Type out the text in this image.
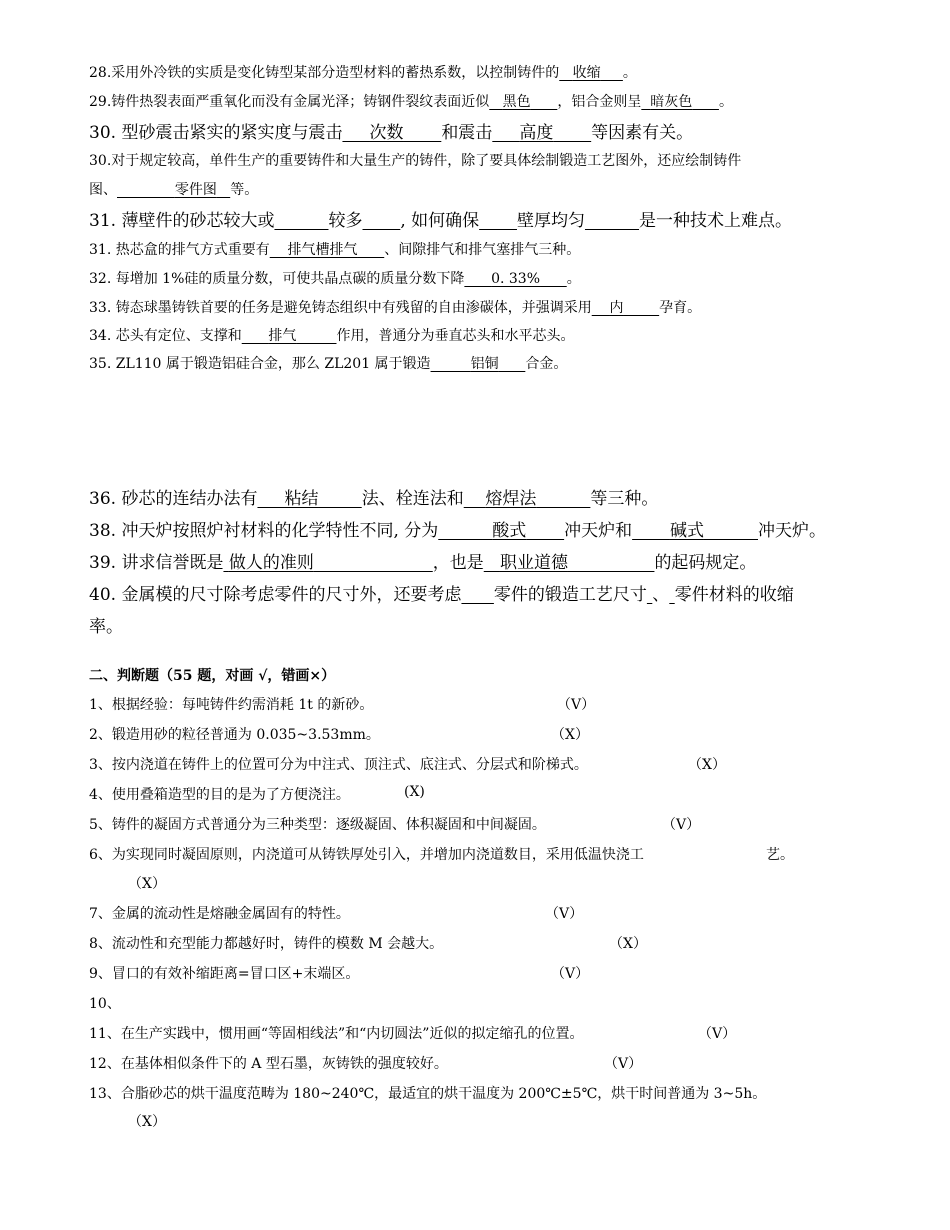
28.采用外冷铁的实质是变化铸型某部分造型材料的蓄热系数，以控制铸件的 收缩 。
29.铸件热裂表面严重氧化而没有金属光泽；铸钢件裂纹表面近似 黑色 ，铝合金则呈 暗灰色 。
30. 型砂震击紧实的紧实度与震击 次数 和震击 高度 等因素有关。
30.对于规定较高，单件生产的重要铸件和大量生产的铸件，除了要具体绘制锻造工艺图外，还应绘制铸件
图、	零件图 等。
31. 薄壁件的砂芯较大或	较多 , 如何确保 壁厚均匀	是一种技术上难点。
31. 热芯盒的排气方式重要有 排气槽排气 、间隙排气和排气塞排气三种。
32. 每增加 1%硅的质量分数，可使共晶点碳的质量分数下降 0. 33% 。
33. 铸态球墨铸铁首要的任务是避免铸态组织中有残留的自由渗碳体，并强调采用 内	孕育。
34. 芯头有定位、支撑和 排气	作用，普通分为垂直芯头和水平芯头。
35. ZL110 属于锻造铝硅合金，那么 ZL201 属于锻造	铝铜 合金。
36. 砂芯的连结办法有 粘结	法、栓连法和 熔焊法	等三种。
38. 冲天炉按照炉衬材料的化学特性不同, 分为	酸式 冲天炉和 碱式	冲天炉。
39. 讲求信誉既是 做人的准则	，也是 职业道德	的起码规定。
40. 金属模的尺寸除考虑零件的尺寸外，还要考虑 零件的锻造工艺尺寸 、 零件材料的收缩
率。
二、判断题（55 题，对画 √，错画×）
1、根据经验：每吨铸件约需消耗 1t 的新砂。	（V）
2、锻造用砂的粒径普通为 0.035~3.53mm。	（X）
3、按内浇道在铸件上的位置可分为中注式、顶注式、底注式、分层式和阶梯式。	（X）
4、使用叠箱造型的目的是为了方便浇注。	(X)
5、铸件的凝固方式普通分为三种类型：逐级凝固、体积凝固和中间凝固。	（V）
6、为实现同时凝固原则，内浇道可从铸铁厚处引入，并增加内浇道数目，采用低温快浇工	艺。
（X）
7、金属的流动性是熔融金属固有的特性。	（V）
8、流动性和充型能力都越好时，铸件的模数 M 会越大。	（X）
9、冒口的有效补缩距离=冒口区+末端区。	（V）
10、
11、在生产实践中，惯用画“等固相线法”和“内切圆法”近似的拟定缩孔的位置。	（V）
12、在基体相似条件下的 A 型石墨，灰铸铁的强度较好。	（V）
13、合脂砂芯的烘干温度范畴为 180~240℃，最适宜的烘干温度为 200℃±5℃，烘干时间普通为 3~5h。
（X）
